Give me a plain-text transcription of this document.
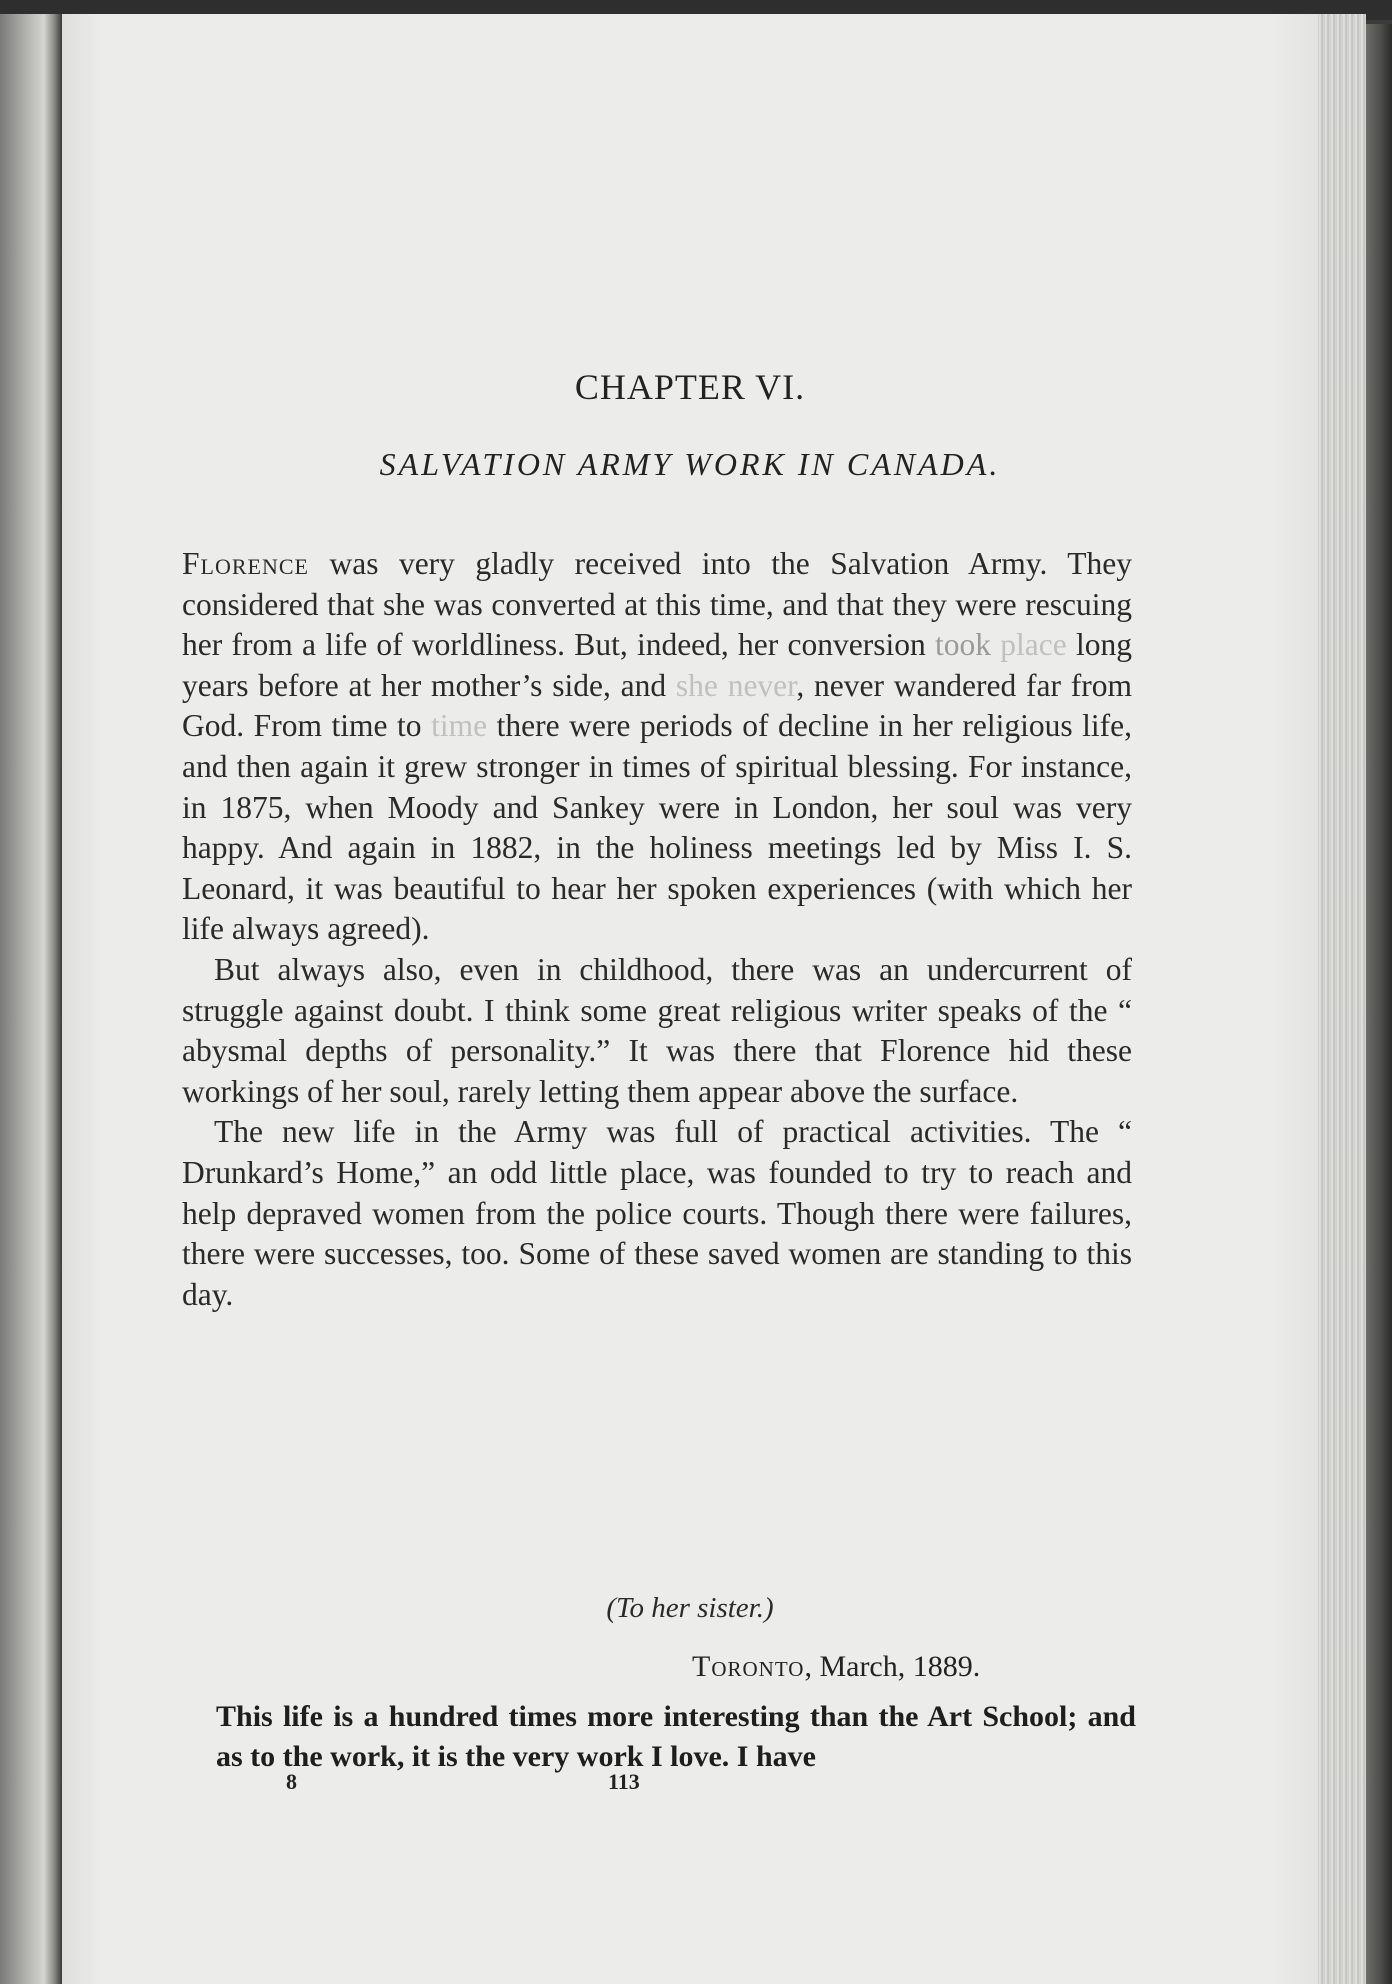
CHAPTER VI.
SALVATION ARMY WORK IN CANADA.

Florence was very gladly received into the Salvation Army. They considered that she was converted at this time, and that they were rescuing her from a life of worldliness. But, indeed, her conversion took place long years before at her mother’s side, and she never, never wandered far from God. From time to time there were periods of decline in her religious life, and then again it grew stronger in times of spiritual blessing. For instance, in 1875, when Moody and Sankey were in London, her soul was very happy. And again in 1882, in the holiness meetings led by Miss I. S. Leonard, it was beautiful to hear her spoken experiences (with which her life always agreed).

But always also, even in childhood, there was an undercurrent of struggle against doubt. I think some great religious writer speaks of the “ abysmal depths of personality.” It was there that Florence hid these workings of her soul, rarely letting them appear above the surface.

The new life in the Army was full of practical activities. The “ Drunkard’s Home,” an odd little place, was founded to try to reach and help depraved women from the police courts. Though there were failures, there were successes, too. Some of these saved women are standing to this day.

(To her sister.)
Toronto, March, 1889.

This life is a hundred times more interesting than the Art School; and as to the work, it is the very work I love. I have

8	113
